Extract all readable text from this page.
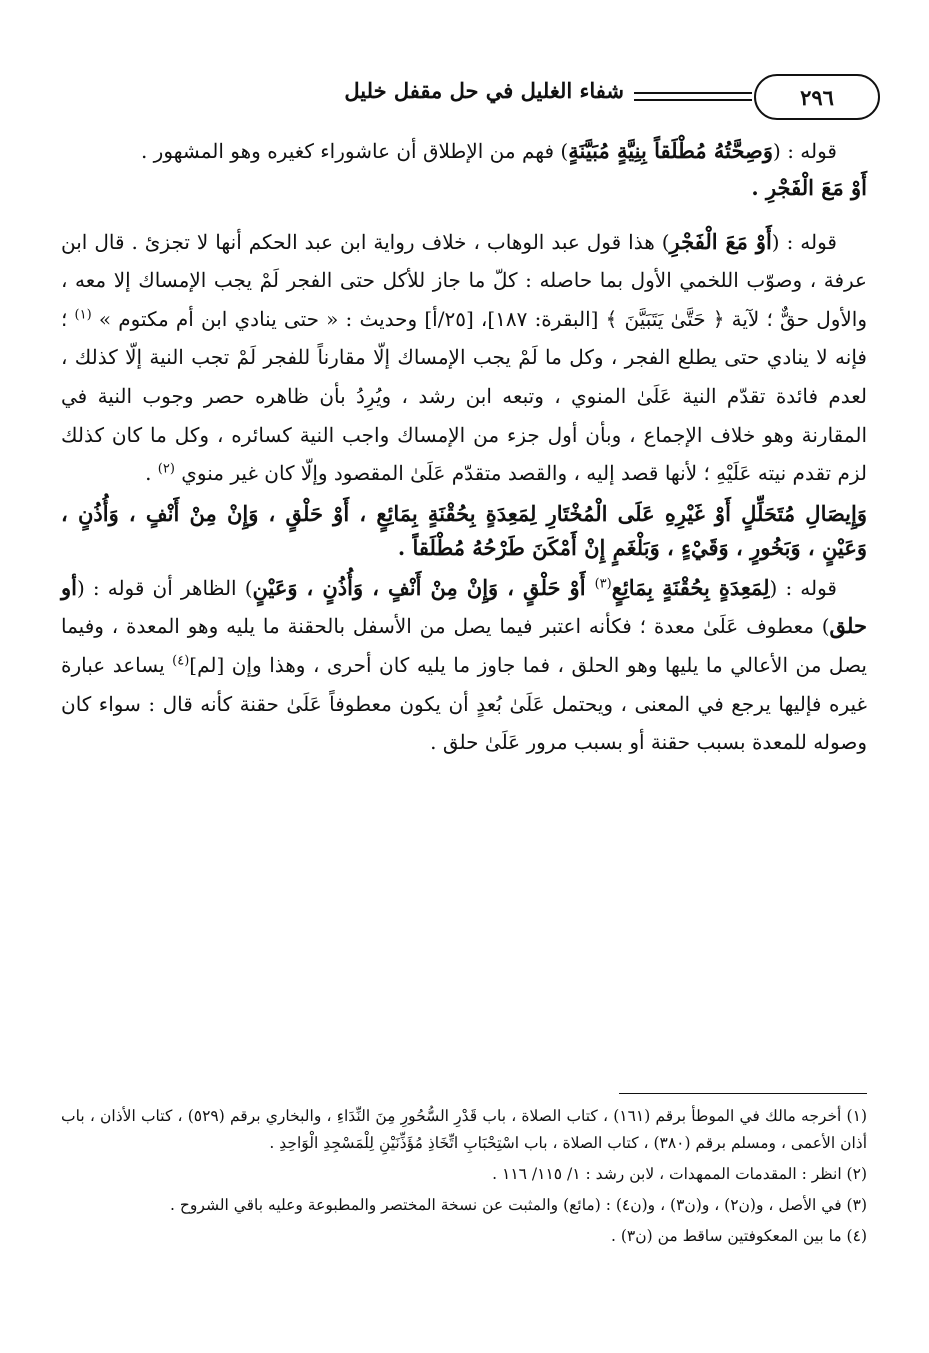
٢٩٦
شفاء الغليل في حل مقفل خليل

قوله : (وَصِحَّتُهُ مُطْلَقاً بِنِيَّةٍ مُبَيَّنَةٍ) فهم من الإطلاق أن عاشوراء كغيره وهو المشهور .

أَوْ مَعَ الْفَجْرِ .

قوله : (أَوْ مَعَ الْفَجْرِ) هذا قول عبد الوهاب ، خلاف رواية ابن عبد الحكم أنها لا تجزئ . قال ابن عرفة ، وصوّب اللخمي الأول بما حاصله : كلّ ما جاز للأكل حتى الفجر لَمْ يجب الإمساك إلا معه ، والأول حقٌّ ؛ لآية ﴿ حَتَّىٰ يَتَبَيَّنَ ﴾ [البقرة: ١٨٧]، [٢٥/أ] وحديث : « حتى ينادي ابن أم مكتوم » $^{(١)}$ ؛ فإنه لا ينادي حتى يطلع الفجر ، وكل ما لَمْ يجب الإمساك إلّا مقارناً للفجر لَمْ تجب النية إلّا كذلك ، لعدم فائدة تقدّم النية عَلَىٰ المنوي ، وتبعه ابن رشد ، ويُرِدُ بأن ظاهره حصر وجوب النية في المقارنة وهو خلاف الإجماع ، وبأن أول جزء من الإمساك واجب النية كسائره ، وكل ما كان كذلك لزم تقدم نيته عَلَيْهِ ؛ لأنها قصد إليه ، والقصد متقدّم عَلَىٰ المقصود وإلّا كان غير منوي $^{(٢)}$ .

وَإِيصَالِ مُتَحَلِّلٍ أَوْ غَيْرِهِ عَلَى الْمُخْتَارِ لِمَعِدَةٍ بِحُقْنَةٍ بِمَائِعٍ ، أَوْ حَلْقٍ ، وَإِنْ مِنْ أَنْفٍ ، وَأُذُنٍ ، وَعَيْنٍ ، وَبَخُورٍ ، وَقَيْءٍ ، وَبَلْغَمٍ إِنْ أَمْكَنَ طَرْحُهُ مُطْلَقاً .

قوله : (لِمَعِدَةٍ بِحُقْنَةٍ بِمَائِعٍ$^{(٣)}$ أَوْ حَلْقٍ ، وَإِنْ مِنْ أَنْفٍ ، وَأُذُنٍ ، وَعَيْنٍ) الظاهر أن قوله : (أو حلق) معطوف عَلَىٰ معدة ؛ فكأنه اعتبر فيما يصل من الأسفل بالحقنة ما يليه وهو المعدة ، وفيما يصل من الأعالي ما يليها وهو الحلق ، فما جاوز ما يليه كان أحرى ، وهذا وإن [لم]$^{(٤)}$ يساعد عبارة غيره فإليها يرجع في المعنى ، ويحتمل عَلَىٰ بُعدٍ أن يكون معطوفاً عَلَىٰ حقنة كأنه قال : سواء كان وصوله للمعدة بسبب حقنة أو بسبب مرور عَلَىٰ حلق .

(١) أخرجه مالك في الموطأ برقم (١٦١) ، كتاب الصلاة ، باب قَدْرِ السُّحُورِ مِنَ النِّدَاءِ ، والبخاري برقم (٥٢٩) ، كتاب الأذان ، باب أذان الأعمى ، ومسلم برقم (٣٨٠) ، كتاب الصلاة ، باب اسْتِحْبَابِ اتِّخَاذِ مُؤَذِّنَيْنِ لِلْمَسْجِدِ الْوَاحِدِ .

(٢) انظر : المقدمات الممهدات ، لابن رشد : ١/ ١١٥/ ١١٦ .

(٣) في الأصل ، و(ن٢) ، و(ن٣) ، و(ن٤) : (مائع) والمثبت عن نسخة المختصر والمطبوعة وعليه باقي الشروح .

(٤) ما بين المعكوفتين ساقط من (ن٣) .
